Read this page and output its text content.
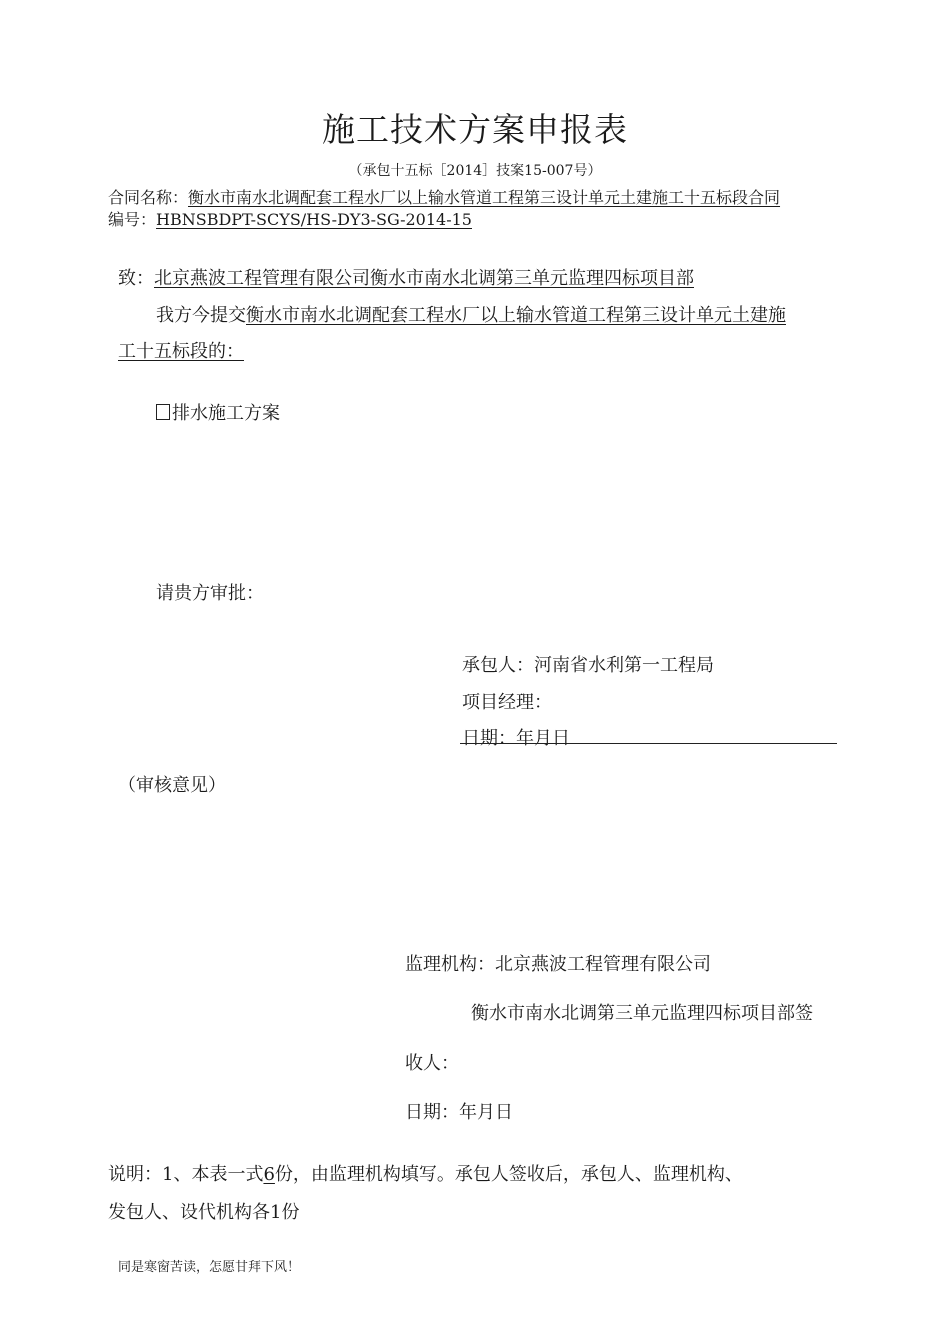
施工技术方案申报表
（承包十五标［2014］技案15-007号）
合同名称：衡水市南水北调配套工程水厂以上输水管道工程第三设计单元土建施工十五标段合同
编号：HBNSBDPT-SCYS/HS-DY3-SG-2014-15
致：北京燕波工程管理有限公司衡水市南水北调第三单元监理四标项目部
我方今提交衡水市南水北调配套工程水厂以上输水管道工程第三设计单元土建施
工十五标段的：
排水施工方案
请贵方审批：
承包人：河南省水利第一工程局
项目经理：
日期：年月日
（审核意见）
监理机构：北京燕波工程管理有限公司
衡水市南水北调第三单元监理四标项目部签
收人：
日期：年月日
说明：1、本表一式6份，由监理机构填写。承包人签收后，承包人、监理机构、
发包人、设代机构各1份
同是寒窗苦读，怎愿甘拜下风！
